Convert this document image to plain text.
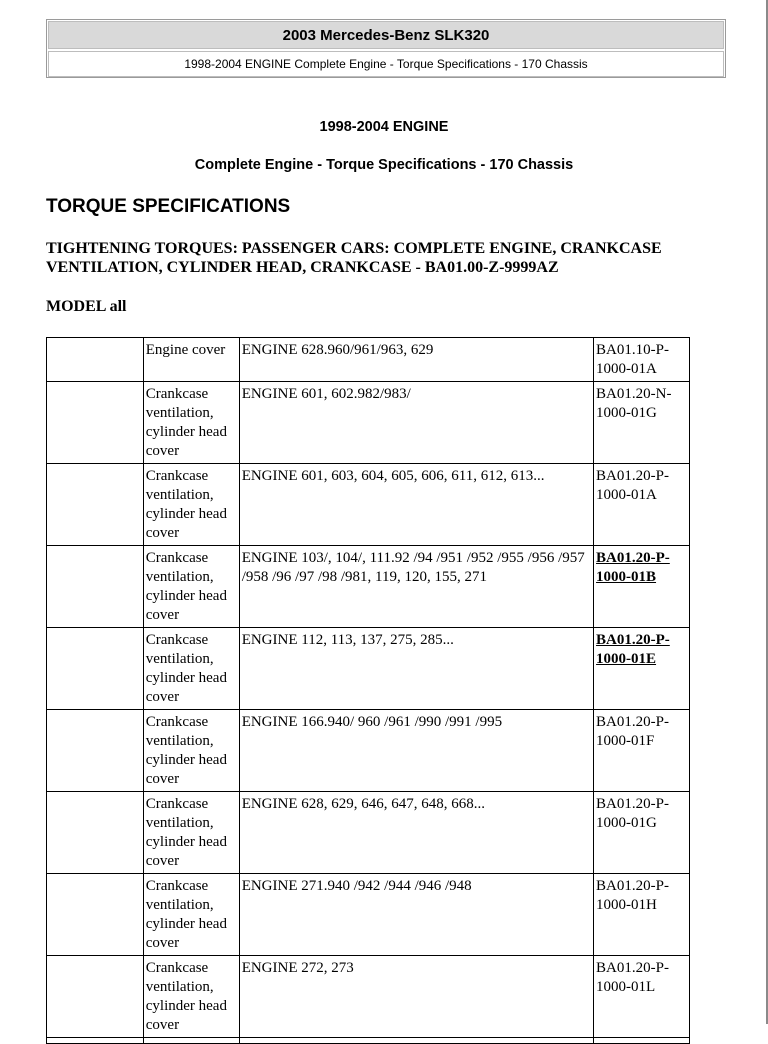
2003 Mercedes-Benz SLK320
1998-2004 ENGINE Complete Engine - Torque Specifications - 170 Chassis
1998-2004 ENGINE
Complete Engine - Torque Specifications - 170 Chassis
TORQUE SPECIFICATIONS
TIGHTENING TORQUES: PASSENGER CARS: COMPLETE ENGINE, CRANKCASE VENTILATION, CYLINDER HEAD, CRANKCASE - BA01.00-Z-9999AZ
MODEL all
	Engine cover	ENGINE 628.960/961/963, 629	BA01.10-P-1000-01A
	Crankcase ventilation, cylinder head cover	ENGINE 601, 602.982/983/	BA01.20-N-1000-01G
	Crankcase ventilation, cylinder head cover	ENGINE 601, 603, 604, 605, 606, 611, 612, 613...	BA01.20-P-1000-01A
	Crankcase ventilation, cylinder head cover	ENGINE 103/, 104/, 111.92 /94 /951 /952 /955 /956 /957 /958 /96 /97 /98 /981, 119, 120, 155, 271	BA01.20-P-1000-01B
	Crankcase ventilation, cylinder head cover	ENGINE 112, 113, 137, 275, 285...	BA01.20-P-1000-01E
	Crankcase ventilation, cylinder head cover	ENGINE 166.940/ 960 /961 /990 /991 /995	BA01.20-P-1000-01F
	Crankcase ventilation, cylinder head cover	ENGINE 628, 629, 646, 647, 648, 668...	BA01.20-P-1000-01G
	Crankcase ventilation, cylinder head cover	ENGINE 271.940 /942 /944 /946 /948	BA01.20-P-1000-01H
	Crankcase ventilation, cylinder head cover	ENGINE 272, 273	BA01.20-P-1000-01L
